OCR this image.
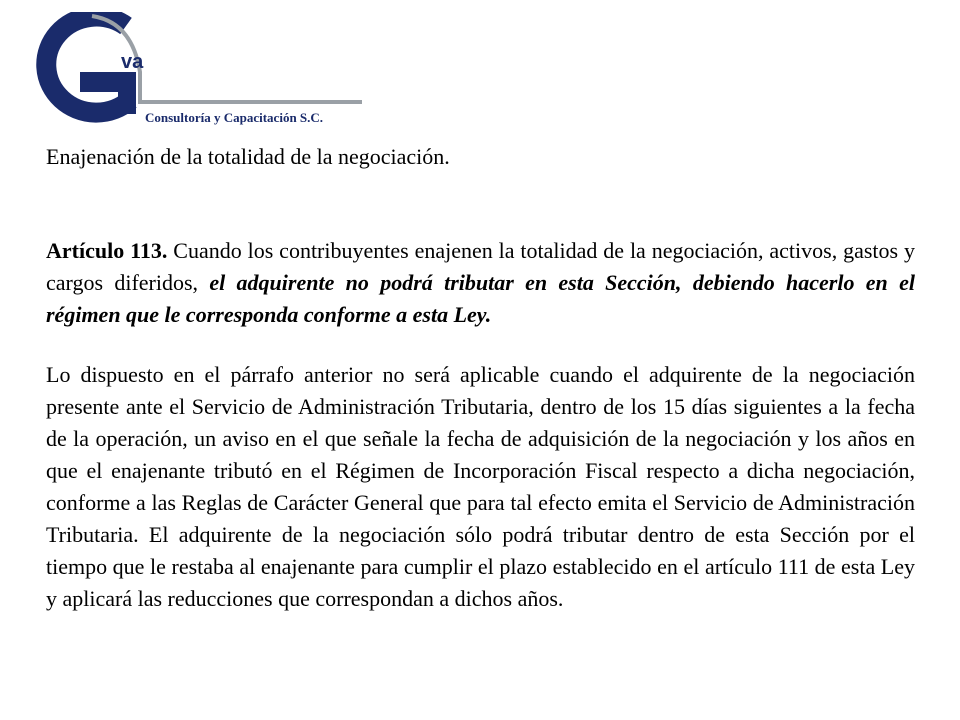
va
Consultoría y Capacitación S.C.

Enajenación de la totalidad de la negociación.

Artículo 113. Cuando los contribuyentes enajenen la totalidad de la negociación, activos, gastos y cargos diferidos, el adquirente no podrá tributar en esta Sección, debiendo hacerlo en el régimen que le corresponda conforme a esta Ley.

Lo dispuesto en el párrafo anterior no será aplicable cuando el adquirente de la negociación presente ante el Servicio de Administración Tributaria, dentro de los 15 días siguientes a la fecha de la operación, un aviso en el que señale la fecha de adquisición de la negociación y los años en que el enajenante tributó en el Régimen de Incorporación Fiscal respecto a dicha negociación, conforme a las Reglas de Carácter General que para tal efecto emita el Servicio de Administración Tributaria. El adquirente de la negociación sólo podrá tributar dentro de esta Sección por el tiempo que le restaba al enajenante para cumplir el plazo establecido en el artículo 111 de esta Ley y aplicará las reducciones que correspondan a dichos años.
